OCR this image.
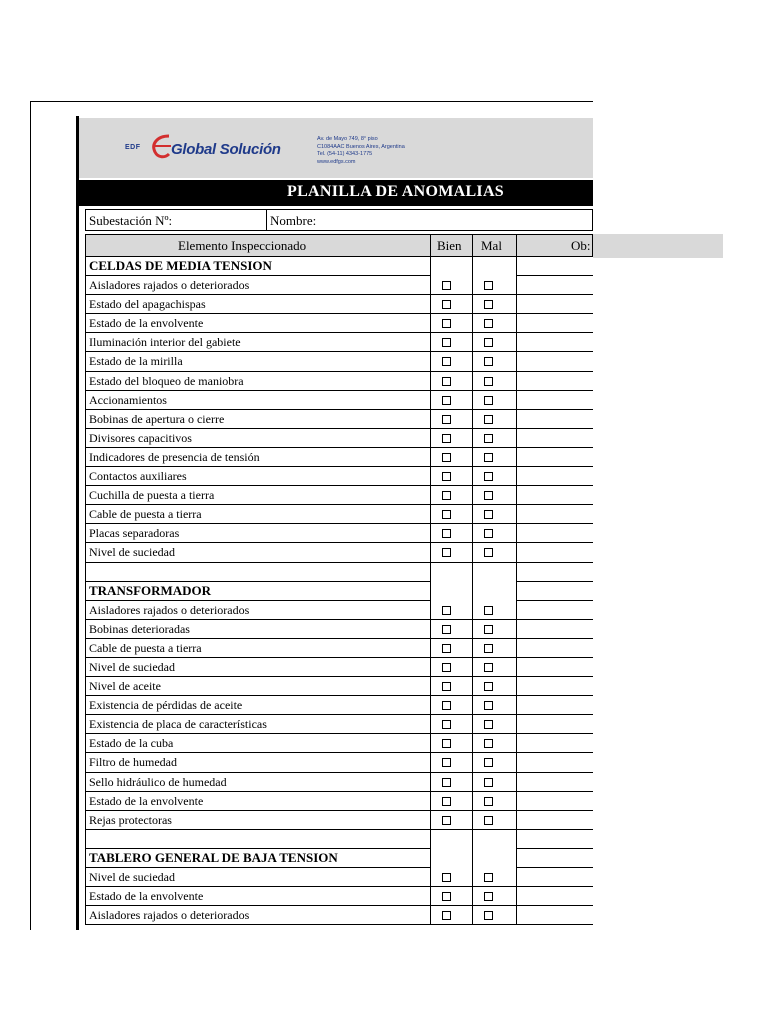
EDF Global Solución
Av. de Mayo 749, 8° piso
C1084AAC Buenos Aires, Argentina
Tel. (54-11) 4343-1775
www.edfgs.com
PLANILLA DE ANOMALIAS
Subestación Nº:	Nombre:
Elemento Inspeccionado	Bien Mal	Ob:
CELDAS DE MEDIA TENSION
Aisladores rajados o deteriorados
Estado del apagachispas
Estado de la envolvente
Iluminación interior del gabiete
Estado de la mirilla
Estado del bloqueo de maniobra
Accionamientos
Bobinas de apertura o cierre
Divisores capacitivos
Indicadores de presencia de tensión
Contactos auxiliares
Cuchilla de puesta a tierra
Cable de puesta a tierra
Placas separadoras
Nivel de suciedad
TRANSFORMADOR
Aisladores rajados o deteriorados
Bobinas deterioradas
Cable de puesta a tierra
Nivel de suciedad
Nivel de aceite
Existencia de pérdidas de aceite
Existencia de placa de características
Estado de la cuba
Filtro de humedad
Sello hidráulico de humedad
Estado de la envolvente
Rejas protectoras
TABLERO GENERAL DE BAJA TENSION
Nivel de suciedad
Estado de la envolvente
Aisladores rajados o deteriorados
